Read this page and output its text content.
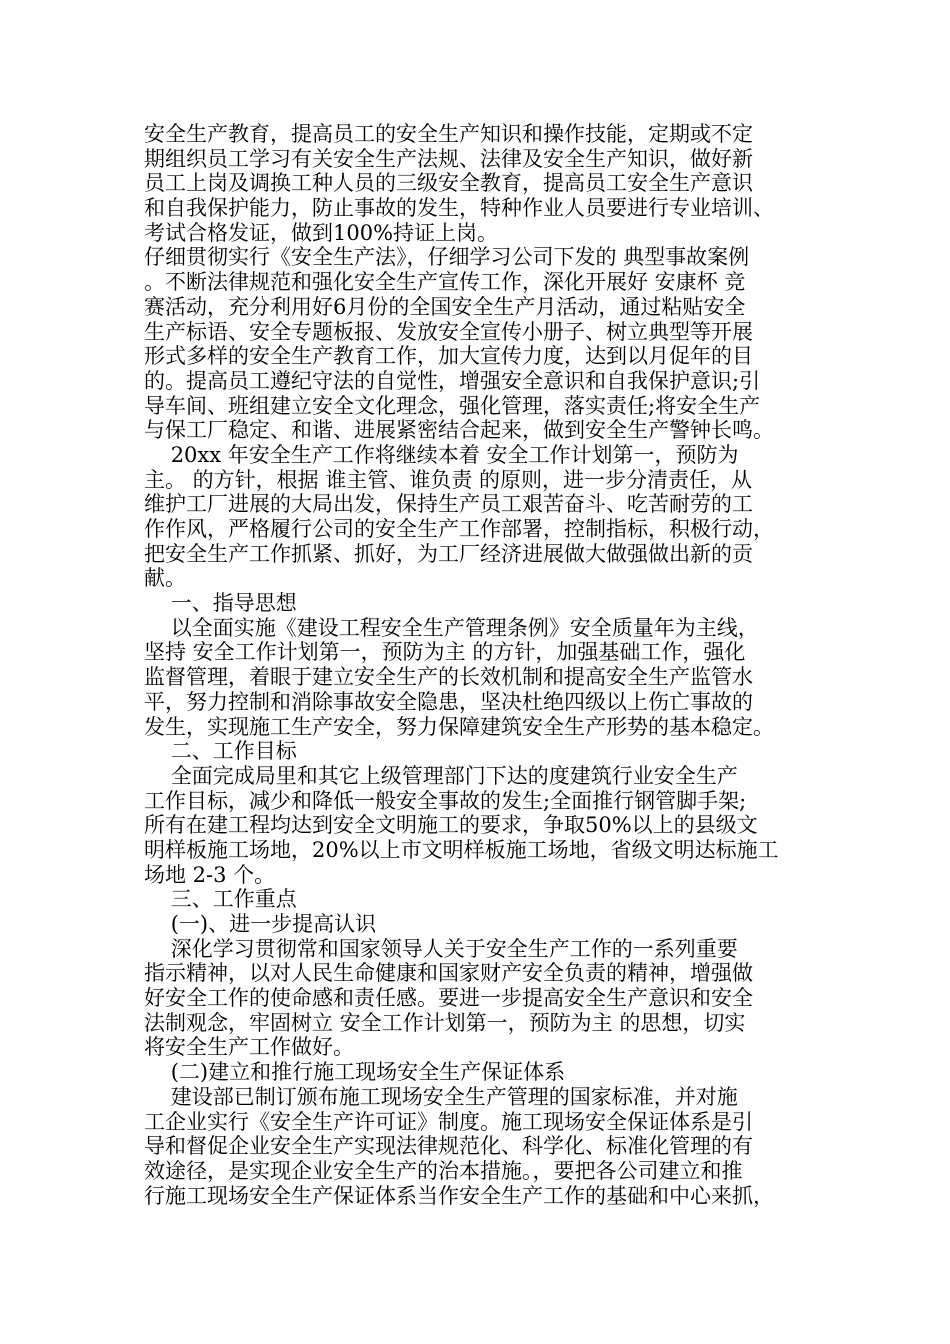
安全生产教育，提高员工的安全生产知识和操作技能，定期或不定
期组织员工学习有关安全生产法规、法律及安全生产知识，做好新
员工上岗及调换工种人员的三级安全教育，提高员工安全生产意识
和自我保护能力，防止事故的发生，特种作业人员要进行专业培训、
考试合格发证，做到100%持证上岗。
仔细贯彻实行《安全生产法》，仔细学习公司下发的 典型事故案例
。不断法律规范和强化安全生产宣传工作，深化开展好 安康杯 竞
赛活动，充分利用好6月份的全国安全生产月活动，通过粘贴安全
生产标语、安全专题板报、发放安全宣传小册子、树立典型等开展
形式多样的安全生产教育工作，加大宣传力度，达到以月促年的目
的。提高员工遵纪守法的自觉性，增强安全意识和自我保护意识;引
导车间、班组建立安全文化理念，强化管理，落实责任;将安全生产
与保工厂稳定、和谐、进展紧密结合起来，做到安全生产警钟长鸣。
20xx 年安全生产工作将继续本着 安全工作计划第一，预防为
主。 的方针，根据 谁主管、谁负责 的原则，进一步分清责任，从
维护工厂进展的大局出发，保持生产员工艰苦奋斗、吃苦耐劳的工
作作风，严格履行公司的安全生产工作部署，控制指标，积极行动，
把安全生产工作抓紧、抓好，为工厂经济进展做大做强做出新的贡
献。
一、指导思想
以全面实施《建设工程安全生产管理条例》安全质量年为主线，
坚持 安全工作计划第一，预防为主 的方针，加强基础工作，强化
监督管理，着眼于建立安全生产的长效机制和提高安全生产监管水
平，努力控制和消除事故安全隐患，坚决杜绝四级以上伤亡事故的
发生，实现施工生产安全，努力保障建筑安全生产形势的基本稳定。
二、工作目标
全面完成局里和其它上级管理部门下达的度建筑行业安全生产
工作目标，减少和降低一般安全事故的发生;全面推行钢管脚手架;
所有在建工程均达到安全文明施工的要求，争取50%以上的县级文
明样板施工场地，20%以上市文明样板施工场地，省级文明达标施工
场地 2-3 个。
三、工作重点
(一)、进一步提高认识
深化学习贯彻常和国家领导人关于安全生产工作的一系列重要
指示精神，以对人民生命健康和国家财产安全负责的精神，增强做
好安全工作的使命感和责任感。要进一步提高安全生产意识和安全
法制观念，牢固树立 安全工作计划第一，预防为主 的思想，切实
将安全生产工作做好。
(二)建立和推行施工现场安全生产保证体系
建设部已制订颁布施工现场安全生产管理的国家标准，并对施
工企业实行《安全生产许可证》制度。施工现场安全保证体系是引
导和督促企业安全生产实现法律规范化、科学化、标准化管理的有
效途径，是实现企业安全生产的治本措施。，要把各公司建立和推
行施工现场安全生产保证体系当作安全生产工作的基础和中心来抓，
